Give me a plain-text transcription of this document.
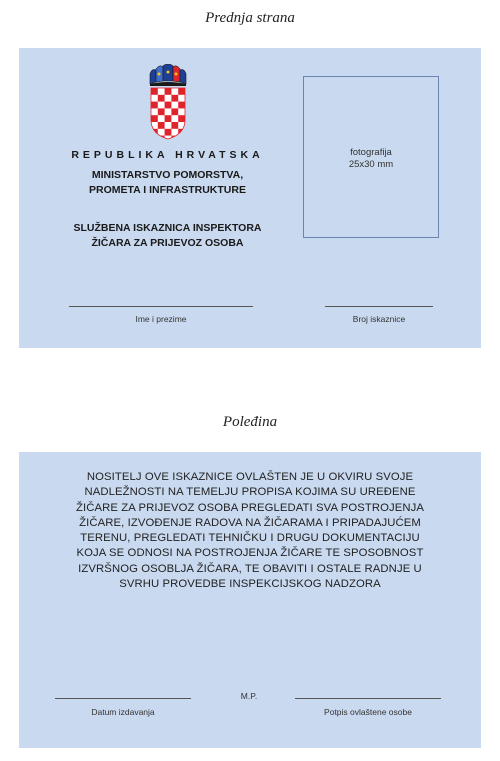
Prednja strana
REPUBLIKA HRVATSKA
MINISTARSTVO POMORSTVA,
PROMETA I INFRASTRUKTURE
SLUŽBENA ISKAZNICA INSPEKTORA
ŽIČARA ZA PRIJEVOZ OSOBA
fotografija
25x30 mm
Ime i prezime	Broj iskaznice
Poleđina
NOSITELJ OVE ISKAZNICE OVLAŠTEN JE U OKVIRU SVOJE
NADLEŽNOSTI NA TEMELJU PROPISA KOJIMA SU UREĐENE
ŽIČARE ZA PRIJEVOZ OSOBA PREGLEDATI SVA POSTROJENJA
ŽIČARE, IZVOĐENJE RADOVA NA ŽIČARAMA I PRIPADAJUĆEM
TERENU, PREGLEDATI TEHNIČKU I DRUGU DOKUMENTACIJU
KOJA SE ODNOSI NA POSTROJENJA ŽIČARE TE SPOSOBNOST
IZVRŠNOG OSOBLJA ŽIČARA, TE OBAVITI I OSTALE RADNJE U
SVRHU PROVEDBE INSPEKCIJSKOG NADZORA
M.P.
Datum izdavanja	Potpis ovlaštene osobe
